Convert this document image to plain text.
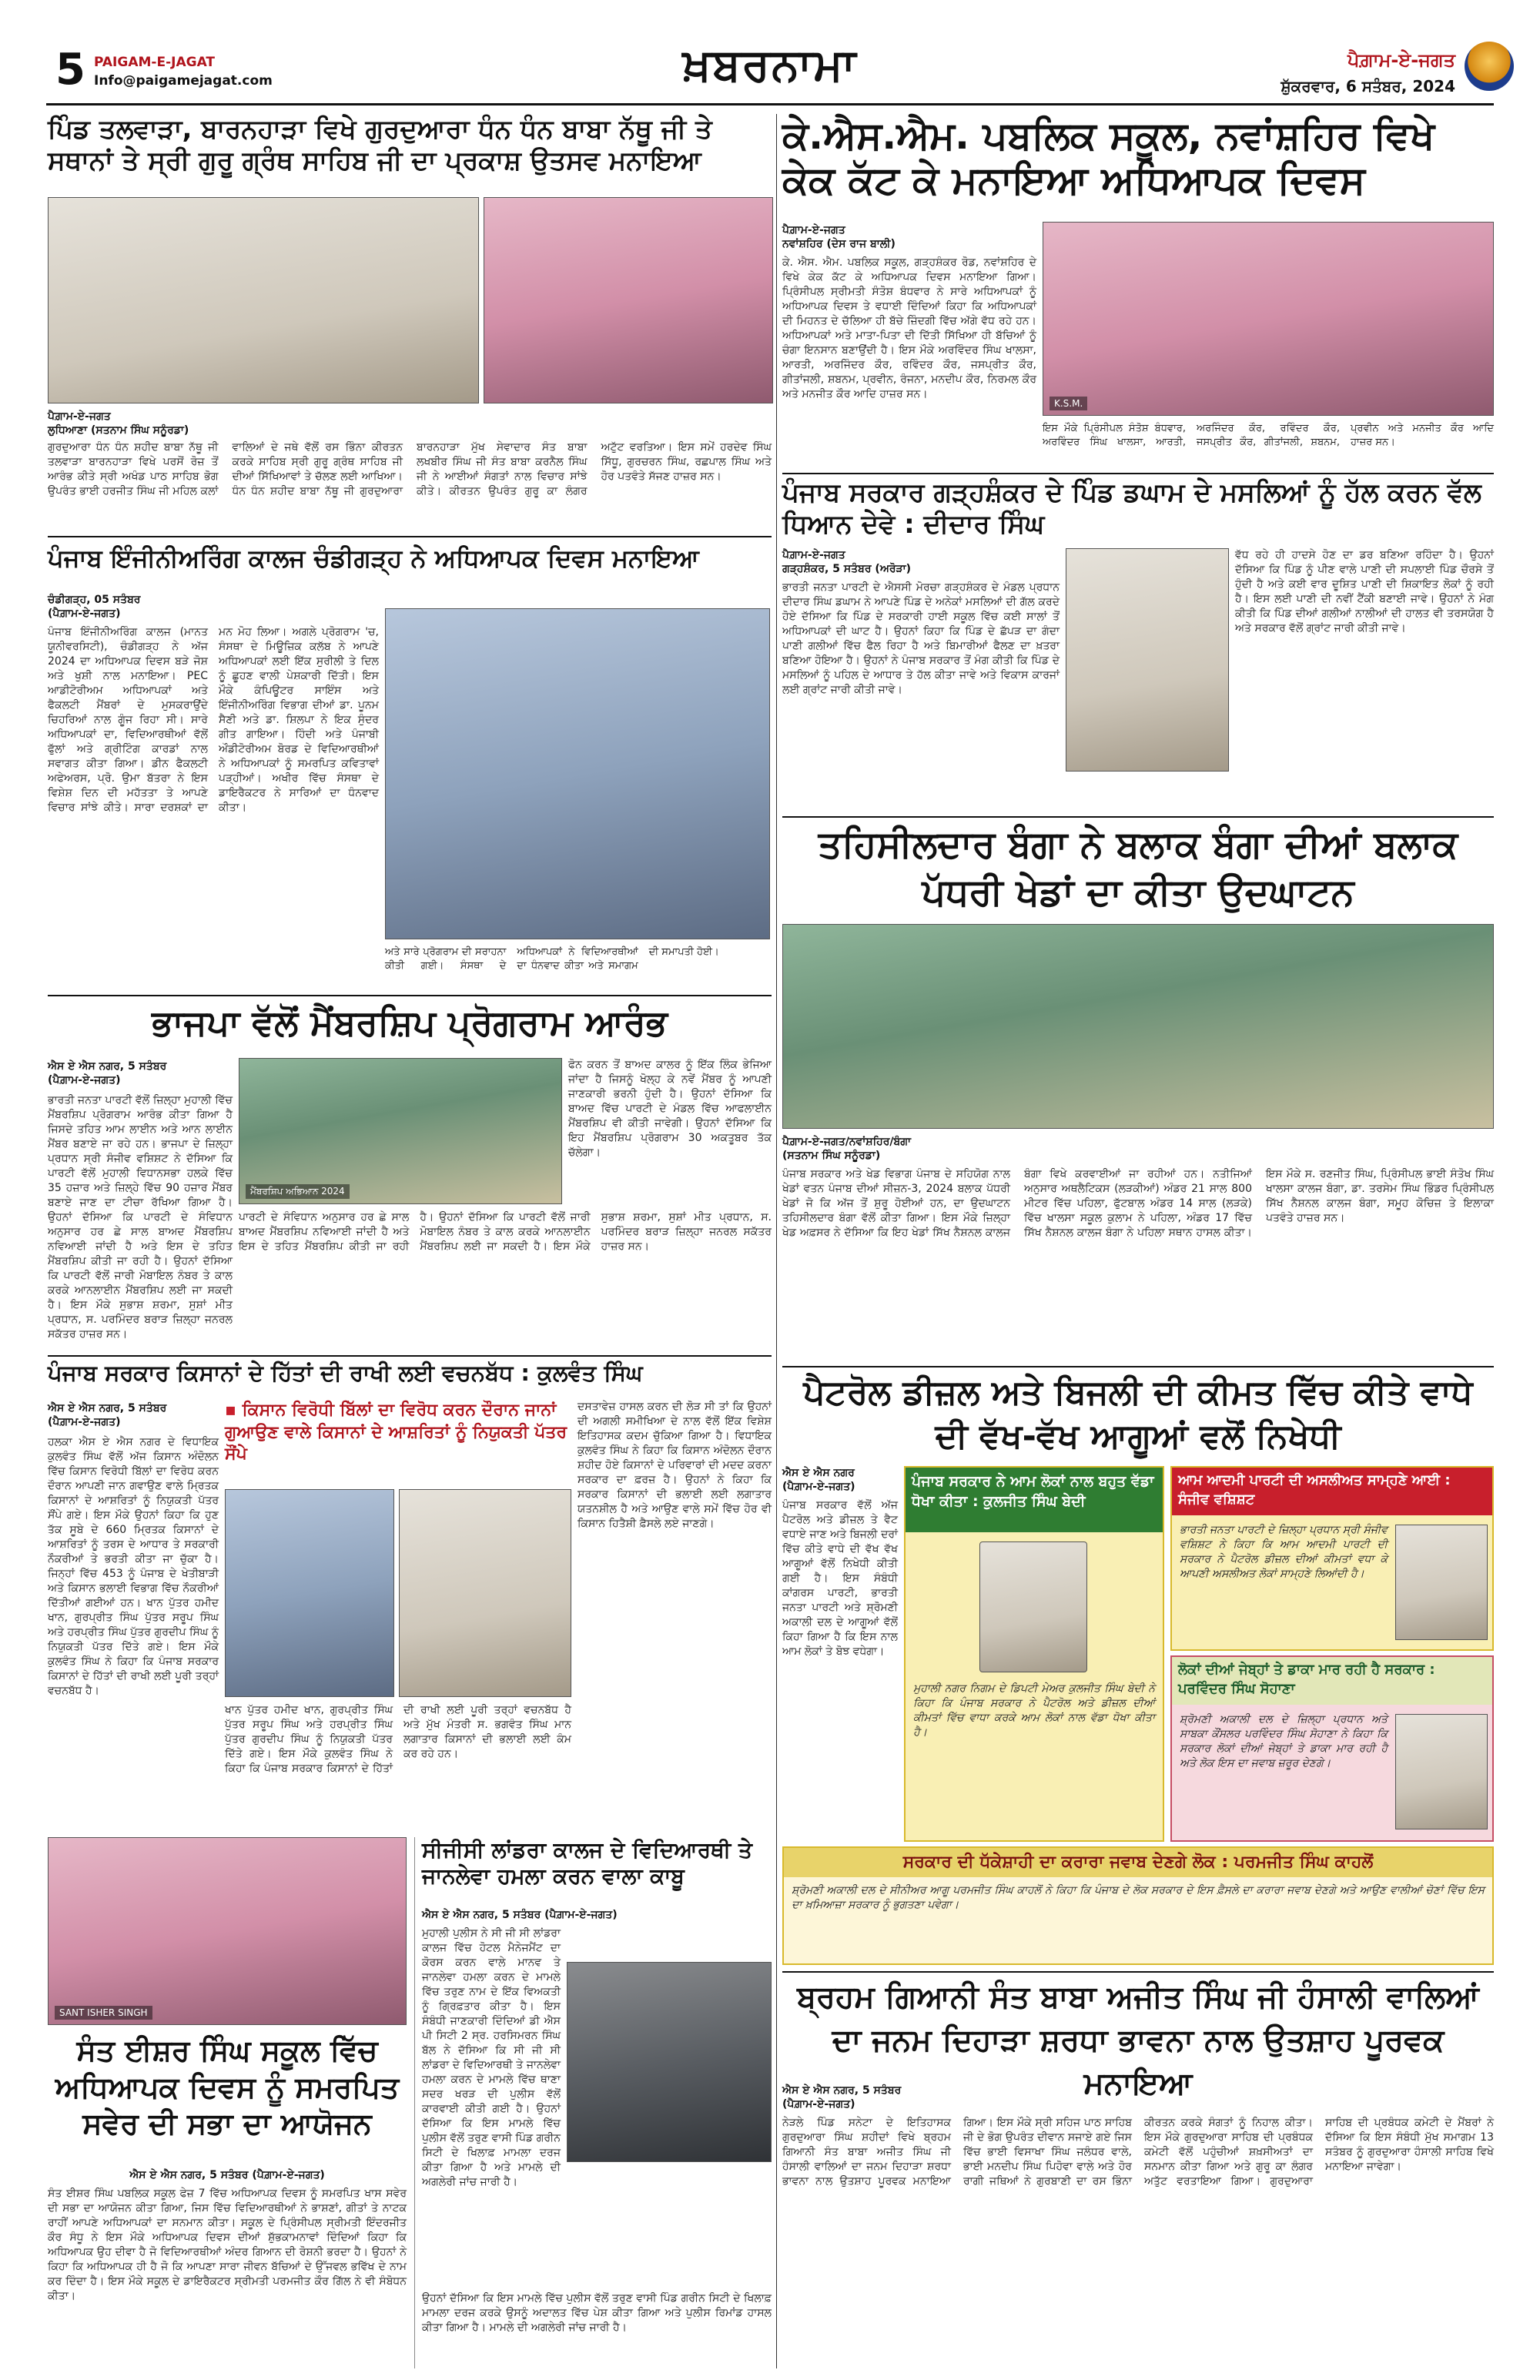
5 PAIGAM-E-JAGAT
Info@paigamejagat.com	ਖ਼ਬਰਨਾਮਾ	ਪੈਗ਼ਾਮ-ਏ-ਜਗਤ
ਸ਼ੁੱਕਰਵਾਰ, 6 ਸਤੰਬਰ, 2024
ਪਿੰਡ ਤਲਵਾੜਾ, ਬਾਰਨਹਾੜਾ ਵਿਖੇ ਗੁਰਦੁਆਰਾ ਧੰਨ ਧੰਨ ਬਾਬਾ ਨੱਥੂ ਜੀ ਤੇ ਸਥਾਨਾਂ ਤੇ ਸ੍ਰੀ ਗੁਰੂ ਗ੍ਰੰਥ ਸਾਹਿਬ ਜੀ ਦਾ ਪ੍ਰਕਾਸ਼ ਉਤਸਵ ਮਨਾਇਆ
ਪੈਗ਼ਾਮ-ਏ-ਜਗਤ
ਲੁਧਿਆਣਾ (ਸਤਨਾਮ ਸਿੰਘ ਸਨੂੰਰਡਾ)
ਗੁਰਦੁਆਰਾ ਧੰਨ ਧੰਨ ਸ਼ਹੀਦ ਬਾਬਾ ਨੱਥੂ ਜੀ ਤਲਵਾੜਾ ਬਾਰਨਹਾੜਾ ਵਿਖੇ ਪਰਸੋਂ ਰੋਜ਼ ਤੋਂ ਆਰੰਭ ਕੀਤੇ ਸ੍ਰੀ ਅਖੰਡ ਪਾਠ ਸਾਹਿਬ ਭੋਗ ਉਪਰੰਤ ਭਾਈ ਹਰਜੀਤ ਸਿੰਘ ਜੀ ਮਹਿਲ ਕਲਾਂ ਵਾਲਿਆਂ ਦੇ ਜਥੇ ਵੱਲੋਂ ਰਸ ਭਿੰਨਾ ਕੀਰਤਨ ਕਰਕੇ ਸਾਹਿਬ ਸ੍ਰੀ ਗੁਰੂ ਗ੍ਰੰਥ ਸਾਹਿਬ ਜੀ ਦੀਆਂ ਸਿੱਖਿਆਵਾਂ ਤੇ ਚੱਲਣ ਲਈ ਆਖਿਆ। ਧੰਨ ਧੰਨ ਸ਼ਹੀਦ ਬਾਬਾ ਨੱਥੂ ਜੀ ਗੁਰਦੁਆਰਾ ਬਾਰਨਹਾੜਾ ਮੁੱਖ ਸੇਵਾਦਾਰ ਸੰਤ ਬਾਬਾ ਲਖਬੀਰ ਸਿੰਘ ਜੀ ਸੰਤ ਬਾਬਾ ਕਰਨੈਲ ਸਿੰਘ ਜੀ ਨੇ ਆਈਆਂ ਸੰਗਤਾਂ ਨਾਲ ਵਿਚਾਰ ਸਾਂਝੇ ਕੀਤੇ। ਕੀਰਤਨ ਉਪਰੰਤ ਗੁਰੂ ਕਾ ਲੰਗਰ ਅਟੁੱਟ ਵਰਤਿਆ। ਇਸ ਸਮੇਂ ਹਰਦੇਵ ਸਿੰਘ ਸਿੱਧੂ, ਗੁਰਚਰਨ ਸਿੰਘ, ਰਛਪਾਲ ਸਿੰਘ ਅਤੇ ਹੋਰ ਪਤਵੰਤੇ ਸੱਜਣ ਹਾਜ਼ਰ ਸਨ।
ਪੰਜਾਬ ਇੰਜੀਨੀਅਰਿੰਗ ਕਾਲਜ ਚੰਡੀਗੜ੍ਹ ਨੇ ਅਧਿਆਪਕ ਦਿਵਸ ਮਨਾਇਆ
ਚੰਡੀਗੜ੍ਹ, 05 ਸਤੰਬਰ
(ਪੈਗ਼ਾਮ-ਏ-ਜਗਤ)
ਪੰਜਾਬ ਇੰਜੀਨੀਅਰਿੰਗ ਕਾਲਜ (ਮਾਨਤ ਯੂਨੀਵਰਸਿਟੀ), ਚੰਡੀਗੜ੍ਹ ਨੇ ਅੱਜ 2024 ਦਾ ਅਧਿਆਪਕ ਦਿਵਸ ਬੜੇ ਜੋਸ਼ ਅਤੇ ਖੁਸ਼ੀ ਨਾਲ ਮਨਾਇਆ। PEC ਆਡੀਟੋਰੀਅਮ ਅਧਿਆਪਕਾਂ ਅਤੇ ਫੈਕਲਟੀ ਮੈਂਬਰਾਂ ਦੇ ਮੁਸਕਰਾਉਂਦੇ ਚਿਹਰਿਆਂ ਨਾਲ ਗੂੰਜ ਰਿਹਾ ਸੀ। ਸਾਰੇ ਅਧਿਆਪਕਾਂ ਦਾ, ਵਿਦਿਆਰਥੀਆਂ ਵੱਲੋਂ ਫੁੱਲਾਂ ਅਤੇ ਗ੍ਰੀਟਿੰਗ ਕਾਰਡਾਂ ਨਾਲ ਸਵਾਗਤ ਕੀਤਾ ਗਿਆ। ਡੀਨ ਫੈਕਲਟੀ ਅਫੇਅਰਸ, ਪ੍ਰੋ. ਉਮਾ ਬੱਤਰਾ ਨੇ ਇਸ ਵਿਸ਼ੇਸ਼ ਦਿਨ ਦੀ ਮਹੱਤਤਾ ਤੇ ਆਪਣੇ ਵਿਚਾਰ ਸਾਂਝੇ ਕੀਤੇ। ਸਾਰਾ ਦਰਸ਼ਕਾਂ ਦਾ ਮਨ ਮੋਹ ਲਿਆ। ਅਗਲੇ ਪ੍ਰੋਗਰਾਮ 'ਚ, ਸੰਸਥਾ ਦੇ ਮਿਊਜ਼ਿਕ ਕਲੱਬ ਨੇ ਆਪਣੇ ਅਧਿਆਪਕਾਂ ਲਈ ਇੱਕ ਸੁਰੀਲੀ ਤੇ ਦਿਲ ਨੂੰ ਛੂਹਣ ਵਾਲੀ ਪੇਸ਼ਕਾਰੀ ਦਿੱਤੀ। ਇਸ ਮੌਕੇ ਕੰਪਿਊਟਰ ਸਾਇੰਸ ਅਤੇ ਇੰਜੀਨੀਅਰਿੰਗ ਵਿਭਾਗ ਦੀਆਂ ਡਾ. ਪੂਨਮ ਸੈਣੀ ਅਤੇ ਡਾ. ਸ਼ਿਲਪਾ ਨੇ ਇਕ ਸੁੰਦਰ ਗੀਤ ਗਾਇਆ। ਹਿੰਦੀ ਅਤੇ ਪੰਜਾਬੀ ਔਡੀਟੋਰੀਅਮ ਬੋਰਡ ਦੇ ਵਿਦਿਆਰਥੀਆਂ ਨੇ ਅਧਿਆਪਕਾਂ ਨੂੰ ਸਮਰਪਿਤ ਕਵਿਤਾਵਾਂ ਪੜ੍ਹੀਆਂ। ਅਖੀਰ ਵਿੱਚ ਸੰਸਥਾ ਦੇ ਡਾਇਰੈਕਟਰ ਨੇ ਸਾਰਿਆਂ ਦਾ ਧੰਨਵਾਦ ਕੀਤਾ।
ਅਤੇ ਸਾਰੇ ਪ੍ਰੋਗਰਾਮ ਦੀ ਸਰਾਹਨਾ ਕੀਤੀ ਗਈ। ਸੰਸਥਾ ਦੇ ਅਧਿਆਪਕਾਂ ਨੇ ਵਿਦਿਆਰਥੀਆਂ ਦਾ ਧੰਨਵਾਦ ਕੀਤਾ ਅਤੇ ਸਮਾਗਮ ਦੀ ਸਮਾਪਤੀ ਹੋਈ।
ਭਾਜਪਾ ਵੱਲੋਂ ਮੈਂਬਰਸ਼ਿਪ ਪ੍ਰੋਗਰਾਮ ਆਰੰਭ
ਐਸ ਏ ਐਸ ਨਗਰ, 5 ਸਤੰਬਰ
(ਪੈਗ਼ਾਮ-ਏ-ਜਗਤ)
ਮੈਂਬਰਸ਼ਿਪ ਅਭਿਆਨ 2024
ਭਾਰਤੀ ਜਨਤਾ ਪਾਰਟੀ ਵੱਲੋਂ ਜ਼ਿਲ੍ਹਾ ਮੁਹਾਲੀ ਵਿੱਚ ਮੈਂਬਰਸ਼ਿਪ ਪ੍ਰੋਗਰਾਮ ਆਰੰਭ ਕੀਤਾ ਗਿਆ ਹੈ ਜਿਸਦੇ ਤਹਿਤ ਆਮ ਲਾਈਨ ਅਤੇ ਆਨ ਲਾਈਨ ਮੈਂਬਰ ਬਣਾਏ ਜਾ ਰਹੇ ਹਨ। ਭਾਜਪਾ ਦੇ ਜ਼ਿਲ੍ਹਾ ਪ੍ਰਧਾਨ ਸ੍ਰੀ ਸੰਜੀਵ ਵਸ਼ਿਸ਼ਟ ਨੇ ਦੱਸਿਆ ਕਿ ਪਾਰਟੀ ਵੱਲੋਂ ਮੁਹਾਲੀ ਵਿਧਾਨਸਭਾ ਹਲਕੇ ਵਿੱਚ 35 ਹਜ਼ਾਰ ਅਤੇ ਜ਼ਿਲ੍ਹੇ ਵਿੱਚ 90 ਹਜ਼ਾਰ ਮੈਂਬਰ ਬਣਾਏ ਜਾਣ ਦਾ ਟੀਚਾ ਰੱਖਿਆ ਗਿਆ ਹੈ। ਉਹਨਾਂ ਦੱਸਿਆ ਕਿ ਪਾਰਟੀ ਦੇ ਸੰਵਿਧਾਨ ਅਨੁਸਾਰ ਹਰ ਛੇ ਸਾਲ ਬਾਅਦ ਮੈਂਬਰਸ਼ਿਪ ਨਵਿਆਈ ਜਾਂਦੀ ਹੈ ਅਤੇ ਇਸ ਦੇ ਤਹਿਤ ਮੈਂਬਰਸ਼ਿਪ ਕੀਤੀ ਜਾ ਰਹੀ ਹੈ। ਉਹਨਾਂ ਦੱਸਿਆ ਕਿ ਪਾਰਟੀ ਵੱਲੋਂ ਜਾਰੀ ਮੋਬਾਇਲ ਨੰਬਰ ਤੇ ਕਾਲ ਕਰਕੇ ਆਨਲਾਈਨ ਮੈਂਬਰਸ਼ਿਪ ਲਈ ਜਾ ਸਕਦੀ ਹੈ। ਇਸ ਮੌਕੇ ਸੁਭਾਸ਼ ਸ਼ਰਮਾ, ਸੁਸ਼ਾਂ ਮੀਤ ਪ੍ਰਧਾਨ, ਸ. ਪਰਮਿੰਦਰ ਬਰਾੜ ਜ਼ਿਲ੍ਹਾ ਜਨਰਲ ਸਕੱਤਰ ਹਾਜ਼ਰ ਸਨ।
ਫੋਨ ਕਰਨ ਤੋਂ ਬਾਅਦ ਕਾਲਰ ਨੂੰ ਇੱਕ ਲਿੰਕ ਭੇਜਿਆ ਜਾਂਦਾ ਹੈ ਜਿਸਨੂੰ ਖੋਲ੍ਹ ਕੇ ਨਵੇਂ ਮੈਂਬਰ ਨੂੰ ਆਪਣੀ ਜਾਣਕਾਰੀ ਭਰਨੀ ਹੁੰਦੀ ਹੈ। ਉਹਨਾਂ ਦੱਸਿਆ ਕਿ ਬਾਅਦ ਵਿੱਚ ਪਾਰਟੀ ਦੇ ਮੰਡਲ ਵਿੱਚ ਆਫਲਾਈਨ ਮੈਂਬਰਸ਼ਿਪ ਵੀ ਕੀਤੀ ਜਾਵੇਗੀ। ਉਹਨਾਂ ਦੱਸਿਆ ਕਿ ਇਹ ਮੈਂਬਰਸ਼ਿਪ ਪ੍ਰੋਗਰਾਮ 30 ਅਕਤੂਬਰ ਤੱਕ ਚੱਲੇਗਾ।
ਪਾਰਟੀ ਦੇ ਸੰਵਿਧਾਨ ਅਨੁਸਾਰ ਹਰ ਛੇ ਸਾਲ ਬਾਅਦ ਮੈਂਬਰਸ਼ਿਪ ਨਵਿਆਈ ਜਾਂਦੀ ਹੈ ਅਤੇ ਇਸ ਦੇ ਤਹਿਤ ਮੈਂਬਰਸ਼ਿਪ ਕੀਤੀ ਜਾ ਰਹੀ ਹੈ। ਉਹਨਾਂ ਦੱਸਿਆ ਕਿ ਪਾਰਟੀ ਵੱਲੋਂ ਜਾਰੀ ਮੋਬਾਇਲ ਨੰਬਰ ਤੇ ਕਾਲ ਕਰਕੇ ਆਨਲਾਈਨ ਮੈਂਬਰਸ਼ਿਪ ਲਈ ਜਾ ਸਕਦੀ ਹੈ। ਇਸ ਮੌਕੇ ਸੁਭਾਸ਼ ਸ਼ਰਮਾ, ਸੁਸ਼ਾਂ ਮੀਤ ਪ੍ਰਧਾਨ, ਸ. ਪਰਮਿੰਦਰ ਬਰਾੜ ਜ਼ਿਲ੍ਹਾ ਜਨਰਲ ਸਕੱਤਰ ਹਾਜ਼ਰ ਸਨ।
ਪੰਜਾਬ ਸਰਕਾਰ ਕਿਸਾਨਾਂ ਦੇ ਹਿੱਤਾਂ ਦੀ ਰਾਖੀ ਲਈ ਵਚਨਬੱਧ : ਕੁਲਵੰਤ ਸਿੰਘ
ਐਸ ਏ ਐਸ ਨਗਰ, 5 ਸਤੰਬਰ
(ਪੈਗ਼ਾਮ-ਏ-ਜਗਤ)
▪ ਕਿਸਾਨ ਵਿਰੋਧੀ ਬਿੱਲਾਂ ਦਾ ਵਿਰੋਧ ਕਰਨ ਦੌਰਾਨ ਜਾਨਾਂ ਗੁਆਉਣ ਵਾਲੇ ਕਿਸਾਨਾਂ ਦੇ ਆਸ਼ਰਿਤਾਂ ਨੂੰ ਨਿਯੁਕਤੀ ਪੱਤਰ ਸੌਂਪੇ
ਹਲਕਾ ਐਸ ਏ ਐਸ ਨਗਰ ਦੇ ਵਿਧਾਇਕ ਕੁਲਵੰਤ ਸਿੰਘ ਵੱਲੋਂ ਅੱਜ ਕਿਸਾਨ ਅੰਦੋਲਨ ਵਿੱਚ ਕਿਸਾਨ ਵਿਰੋਧੀ ਬਿੱਲਾਂ ਦਾ ਵਿਰੋਧ ਕਰਨ ਦੌਰਾਨ ਆਪਣੀ ਜਾਨ ਗਵਾਉਣ ਵਾਲੇ ਮ੍ਰਿਤਕ ਕਿਸਾਨਾਂ ਦੇ ਆਸ਼ਰਿਤਾਂ ਨੂੰ ਨਿਯੁਕਤੀ ਪੱਤਰ ਸੌਂਪੇ ਗਏ। ਇਸ ਮੌਕੇ ਉਹਨਾਂ ਕਿਹਾ ਕਿ ਹੁਣ ਤੱਕ ਸੂਬੇ ਦੇ 660 ਮ੍ਰਿਤਕ ਕਿਸਾਨਾਂ ਦੇ ਆਸ਼ਰਿਤਾਂ ਨੂੰ ਤਰਸ ਦੇ ਆਧਾਰ ਤੇ ਸਰਕਾਰੀ ਨੌਕਰੀਆਂ ਤੇ ਭਰਤੀ ਕੀਤਾ ਜਾ ਚੁੱਕਾ ਹੈ। ਜਿਨ੍ਹਾਂ ਵਿੱਚ 453 ਨੂੰ ਪੰਜਾਬ ਦੇ ਖੇਤੀਬਾੜੀ ਅਤੇ ਕਿਸਾਨ ਭਲਾਈ ਵਿਭਾਗ ਵਿੱਚ ਨੌਕਰੀਆਂ ਦਿੱਤੀਆਂ ਗਈਆਂ ਹਨ। ਖਾਨ ਪੁੱਤਰ ਹਮੀਦ ਖਾਨ, ਗੁਰਪ੍ਰੀਤ ਸਿੰਘ ਪੁੱਤਰ ਸਰੂਪ ਸਿੰਘ ਅਤੇ ਹਰਪ੍ਰੀਤ ਸਿੰਘ ਪੁੱਤਰ ਗੁਰਦੀਪ ਸਿੰਘ ਨੂੰ ਨਿਯੁਕਤੀ ਪੱਤਰ ਦਿੱਤੇ ਗਏ। ਇਸ ਮੌਕੇ ਕੁਲਵੰਤ ਸਿੰਘ ਨੇ ਕਿਹਾ ਕਿ ਪੰਜਾਬ ਸਰਕਾਰ ਕਿਸਾਨਾਂ ਦੇ ਹਿੱਤਾਂ ਦੀ ਰਾਖੀ ਲਈ ਪੂਰੀ ਤਰ੍ਹਾਂ ਵਚਨਬੱਧ ਹੈ।
ਦਸਤਾਵੇਜ਼ ਹਾਸਲ ਕਰਨ ਦੀ ਲੋੜ ਸੀ ਤਾਂ ਕਿ ਉਹਨਾਂ ਦੀ ਅਗਲੀ ਸਮੀਖਿਆ ਦੇ ਨਾਲ ਵੱਲੋਂ ਇੱਕ ਵਿਸ਼ੇਸ਼ ਇਤਿਹਾਸਕ ਕਦਮ ਚੁੱਕਿਆ ਗਿਆ ਹੈ। ਵਿਧਾਇਕ ਕੁਲਵੰਤ ਸਿੰਘ ਨੇ ਕਿਹਾ ਕਿ ਕਿਸਾਨ ਅੰਦੋਲਨ ਦੌਰਾਨ ਸ਼ਹੀਦ ਹੋਏ ਕਿਸਾਨਾਂ ਦੇ ਪਰਿਵਾਰਾਂ ਦੀ ਮਦਦ ਕਰਨਾ ਸਰਕਾਰ ਦਾ ਫ਼ਰਜ਼ ਹੈ। ਉਹਨਾਂ ਨੇ ਕਿਹਾ ਕਿ ਸਰਕਾਰ ਕਿਸਾਨਾਂ ਦੀ ਭਲਾਈ ਲਈ ਲਗਾਤਾਰ ਯਤਨਸ਼ੀਲ ਹੈ ਅਤੇ ਆਉਣ ਵਾਲੇ ਸਮੇਂ ਵਿੱਚ ਹੋਰ ਵੀ ਕਿਸਾਨ ਹਿਤੈਸ਼ੀ ਫ਼ੈਸਲੇ ਲਏ ਜਾਣਗੇ।
ਖਾਨ ਪੁੱਤਰ ਹਮੀਦ ਖਾਨ, ਗੁਰਪ੍ਰੀਤ ਸਿੰਘ ਪੁੱਤਰ ਸਰੂਪ ਸਿੰਘ ਅਤੇ ਹਰਪ੍ਰੀਤ ਸਿੰਘ ਪੁੱਤਰ ਗੁਰਦੀਪ ਸਿੰਘ ਨੂੰ ਨਿਯੁਕਤੀ ਪੱਤਰ ਦਿੱਤੇ ਗਏ। ਇਸ ਮੌਕੇ ਕੁਲਵੰਤ ਸਿੰਘ ਨੇ ਕਿਹਾ ਕਿ ਪੰਜਾਬ ਸਰਕਾਰ ਕਿਸਾਨਾਂ ਦੇ ਹਿੱਤਾਂ ਦੀ ਰਾਖੀ ਲਈ ਪੂਰੀ ਤਰ੍ਹਾਂ ਵਚਨਬੱਧ ਹੈ ਅਤੇ ਮੁੱਖ ਮੰਤਰੀ ਸ. ਭਗਵੰਤ ਸਿੰਘ ਮਾਨ ਲਗਾਤਾਰ ਕਿਸਾਨਾਂ ਦੀ ਭਲਾਈ ਲਈ ਕੰਮ ਕਰ ਰਹੇ ਹਨ।
SANT ISHER SINGH
ਸੰਤ ਈਸ਼ਰ ਸਿੰਘ ਸਕੂਲ ਵਿੱਚ ਅਧਿਆਪਕ ਦਿਵਸ ਨੂੰ ਸਮਰਪਿਤ ਸਵੇਰ ਦੀ ਸਭਾ ਦਾ ਆਯੋਜਨ
ਐਸ ਏ ਐਸ ਨਗਰ, 5 ਸਤੰਬਰ (ਪੈਗ਼ਾਮ-ਏ-ਜਗਤ)
ਸੰਤ ਈਸ਼ਰ ਸਿੰਘ ਪਬਲਿਕ ਸਕੂਲ ਫੇਜ਼ 7 ਵਿੱਚ ਅਧਿਆਪਕ ਦਿਵਸ ਨੂੰ ਸਮਰਪਿਤ ਖਾਸ ਸਵੇਰ ਦੀ ਸਭਾ ਦਾ ਆਯੋਜਨ ਕੀਤਾ ਗਿਆ, ਜਿਸ ਵਿੱਚ ਵਿਦਿਆਰਥੀਆਂ ਨੇ ਭਾਸ਼ਣਾਂ, ਗੀਤਾਂ ਤੇ ਨਾਟਕ ਰਾਹੀਂ ਆਪਣੇ ਅਧਿਆਪਕਾਂ ਦਾ ਸਨਮਾਨ ਕੀਤਾ। ਸਕੂਲ ਦੇ ਪ੍ਰਿੰਸੀਪਲ ਸ੍ਰੀਮਤੀ ਇੰਦਰਜੀਤ ਕੌਰ ਸੰਧੂ ਨੇ ਇਸ ਮੌਕੇ ਅਧਿਆਪਕ ਦਿਵਸ ਦੀਆਂ ਸ਼ੁੱਭਕਾਮਨਾਵਾਂ ਦਿੰਦਿਆਂ ਕਿਹਾ ਕਿ ਅਧਿਆਪਕ ਉਹ ਦੀਵਾ ਹੈ ਜੋ ਵਿਦਿਆਰਥੀਆਂ ਅੰਦਰ ਗਿਆਨ ਦੀ ਰੋਸ਼ਨੀ ਭਰਦਾ ਹੈ। ਉਹਨਾਂ ਨੇ ਕਿਹਾ ਕਿ ਅਧਿਆਪਕ ਹੀ ਹੈ ਜੋ ਕਿ ਆਪਣਾ ਸਾਰਾ ਜੀਵਨ ਬੱਚਿਆਂ ਦੇ ਉੱਜਵਲ ਭਵਿੱਖ ਦੇ ਨਾਮ ਕਰ ਦਿੰਦਾ ਹੈ। ਇਸ ਮੌਕੇ ਸਕੂਲ ਦੇ ਡਾਇਰੈਕਟਰ ਸ੍ਰੀਮਤੀ ਪਰਮਜੀਤ ਕੌਰ ਗਿੱਲ ਨੇ ਵੀ ਸੰਬੋਧਨ ਕੀਤਾ।
ਸੀਜੀਸੀ ਲਾਂਡਰਾ ਕਾਲਜ ਦੇ ਵਿਦਿਆਰਥੀ ਤੇ ਜਾਨਲੇਵਾ ਹਮਲਾ ਕਰਨ ਵਾਲਾ ਕਾਬੂ
ਐਸ ਏ ਐਸ ਨਗਰ, 5 ਸਤੰਬਰ (ਪੈਗ਼ਾਮ-ਏ-ਜਗਤ)
ਮੁਹਾਲੀ ਪੁਲੀਸ ਨੇ ਸੀ ਜੀ ਸੀ ਲਾਂਡਰਾ ਕਾਲਜ ਵਿੱਚ ਹੋਟਲ ਮੈਨੇਜਮੈਂਟ ਦਾ ਕੋਰਸ ਕਰਨ ਵਾਲੇ ਮਾਨਵ ਤੇ ਜਾਨਲੇਵਾ ਹਮਲਾ ਕਰਨ ਦੇ ਮਾਮਲੇ ਵਿੱਚ ਤਰੁਣ ਨਾਮ ਦੇ ਇੱਕ ਵਿਅਕਤੀ ਨੂੰ ਗ੍ਰਿਫ਼ਤਾਰ ਕੀਤਾ ਹੈ। ਇਸ ਸੰਬੰਧੀ ਜਾਣਕਾਰੀ ਦਿੰਦਿਆਂ ਡੀ ਐਸ ਪੀ ਸਿਟੀ 2 ਸ੍ਰ. ਹਰਸਿਮਰਨ ਸਿੰਘ ਬੱਲ ਨੇ ਦੱਸਿਆ ਕਿ ਸੀ ਜੀ ਸੀ ਲਾਂਡਰਾ ਦੇ ਵਿਦਿਆਰਥੀ ਤੇ ਜਾਨਲੇਵਾ ਹਮਲਾ ਕਰਨ ਦੇ ਮਾਮਲੇ ਵਿੱਚ ਥਾਣਾ ਸਦਰ ਖਰੜ ਦੀ ਪੁਲੀਸ ਵੱਲੋਂ ਕਾਰਵਾਈ ਕੀਤੀ ਗਈ ਹੈ। ਉਹਨਾਂ ਦੱਸਿਆ ਕਿ ਇਸ ਮਾਮਲੇ ਵਿੱਚ ਪੁਲੀਸ ਵੱਲੋਂ ਤਰੁਣ ਵਾਸੀ ਪਿੰਡ ਗਰੀਨ ਸਿਟੀ ਦੇ ਖਿਲਾਫ਼ ਮਾਮਲਾ ਦਰਜ ਕੀਤਾ ਗਿਆ ਹੈ ਅਤੇ ਮਾਮਲੇ ਦੀ ਅਗਲੇਰੀ ਜਾਂਚ ਜਾਰੀ ਹੈ।
ਉਹਨਾਂ ਦੱਸਿਆ ਕਿ ਇਸ ਮਾਮਲੇ ਵਿੱਚ ਪੁਲੀਸ ਵੱਲੋਂ ਤਰੁਣ ਵਾਸੀ ਪਿੰਡ ਗਰੀਨ ਸਿਟੀ ਦੇ ਖਿਲਾਫ਼ ਮਾਮਲਾ ਦਰਜ ਕਰਕੇ ਉਸਨੂੰ ਅਦਾਲਤ ਵਿੱਚ ਪੇਸ਼ ਕੀਤਾ ਗਿਆ ਅਤੇ ਪੁਲੀਸ ਰਿਮਾਂਡ ਹਾਸਲ ਕੀਤਾ ਗਿਆ ਹੈ। ਮਾਮਲੇ ਦੀ ਅਗਲੇਰੀ ਜਾਂਚ ਜਾਰੀ ਹੈ।
ਕੇ.ਐਸ.ਐਮ. ਪਬਲਿਕ ਸਕੂਲ, ਨਵਾਂਸ਼ਹਿਰ ਵਿਖੇ ਕੇਕ ਕੱਟ ਕੇ ਮਨਾਇਆ ਅਧਿਆਪਕ ਦਿਵਸ
ਪੈਗ਼ਾਮ-ਏ-ਜਗਤ
ਨਵਾਂਸ਼ਹਿਰ (ਦੇਸ ਰਾਜ ਬਾਲੀ)
ਕੇ. ਐਸ. ਐਮ. ਪਬਲਿਕ ਸਕੂਲ, ਗੜ੍ਹਸ਼ੰਕਰ ਰੋਡ, ਨਵਾਂਸ਼ਹਿਰ ਦੇ ਵਿਖੇ ਕੇਕ ਕੱਟ ਕੇ ਅਧਿਆਪਕ ਦਿਵਸ ਮਨਾਇਆ ਗਿਆ। ਪ੍ਰਿੰਸੀਪਲ ਸ੍ਰੀਮਤੀ ਸੰਤੋਸ਼ ਬੰਧਵਾਰ ਨੇ ਸਾਰੇ ਅਧਿਆਪਕਾਂ ਨੂੰ ਅਧਿਆਪਕ ਦਿਵਸ ਤੇ ਵਧਾਈ ਦਿੰਦਿਆਂ ਕਿਹਾ ਕਿ ਅਧਿਆਪਕਾਂ ਦੀ ਮਿਹਨਤ ਦੇ ਚੱਲਿਆ ਹੀ ਬੱਚੇ ਜ਼ਿੰਦਗੀ ਵਿੱਚ ਅੱਗੇ ਵੱਧ ਰਹੇ ਹਨ। ਅਧਿਆਪਕਾਂ ਅਤੇ ਮਾਤਾ-ਪਿਤਾ ਦੀ ਦਿੱਤੀ ਸਿੱਖਿਆ ਹੀ ਬੱਚਿਆਂ ਨੂੰ ਚੰਗਾ ਇਨਸਾਨ ਬਣਾਉਂਦੀ ਹੈ। ਇਸ ਮੌਕੇ ਅਰਵਿੰਦਰ ਸਿੰਘ ਖਾਲਸਾ, ਆਰਤੀ, ਅਰਜਿੰਦਰ ਕੌਰ, ਰਵਿੰਦਰ ਕੌਰ, ਜਸਪ੍ਰੀਤ ਕੌਰ, ਗੀਤਾਂਜਲੀ, ਸ਼ਬਨਮ, ਪ੍ਰਵੀਨ, ਰੰਜਨਾ, ਮਨਦੀਪ ਕੌਰ, ਨਿਰਮਲ ਕੌਰ ਅਤੇ ਮਨਜੀਤ ਕੌਰ ਆਦਿ ਹਾਜ਼ਰ ਸਨ।
K.S.M.
ਇਸ ਮੌਕੇ ਪ੍ਰਿੰਸੀਪਲ ਸੰਤੋਸ਼ ਬੰਧਵਾਰ, ਅਰਵਿੰਦਰ ਸਿੰਘ ਖਾਲਸਾ, ਆਰਤੀ, ਅਰਜਿੰਦਰ ਕੌਰ, ਰਵਿੰਦਰ ਕੌਰ, ਜਸਪ੍ਰੀਤ ਕੌਰ, ਗੀਤਾਂਜਲੀ, ਸ਼ਬਨਮ, ਪ੍ਰਵੀਨ ਅਤੇ ਮਨਜੀਤ ਕੌਰ ਆਦਿ ਹਾਜ਼ਰ ਸਨ।
ਪੰਜਾਬ ਸਰਕਾਰ ਗੜ੍ਹਸ਼ੰਕਰ ਦੇ ਪਿੰਡ ਡਘਾਮ ਦੇ ਮਸਲਿਆਂ ਨੂੰ ਹੱਲ ਕਰਨ ਵੱਲ ਧਿਆਨ ਦੇਵੇ : ਦੀਦਾਰ ਸਿੰਘ
ਪੈਗ਼ਾਮ-ਏ-ਜਗਤ
ਗੜ੍ਹਸ਼ੰਕਰ, 5 ਸਤੰਬਰ (ਅਰੋੜਾ)
ਭਾਰਤੀ ਜਨਤਾ ਪਾਰਟੀ ਦੇ ਐਸਸੀ ਮੋਰਚਾ ਗੜ੍ਹਸ਼ੰਕਰ ਦੇ ਮੰਡਲ ਪ੍ਰਧਾਨ ਦੀਦਾਰ ਸਿੰਘ ਡਘਾਮ ਨੇ ਆਪਣੇ ਪਿੰਡ ਦੇ ਅਨੇਕਾਂ ਮਸਲਿਆਂ ਦੀ ਗੱਲ ਕਰਦੇ ਹੋਏ ਦੱਸਿਆ ਕਿ ਪਿੰਡ ਦੇ ਸਰਕਾਰੀ ਹਾਈ ਸਕੂਲ ਵਿੱਚ ਕਈ ਸਾਲਾਂ ਤੋਂ ਅਧਿਆਪਕਾਂ ਦੀ ਘਾਟ ਹੈ। ਉਹਨਾਂ ਕਿਹਾ ਕਿ ਪਿੰਡ ਦੇ ਛੱਪੜ ਦਾ ਗੰਦਾ ਪਾਣੀ ਗਲੀਆਂ ਵਿੱਚ ਫੈਲ ਰਿਹਾ ਹੈ ਅਤੇ ਬਿਮਾਰੀਆਂ ਫੈਲਣ ਦਾ ਖ਼ਤਰਾ ਬਣਿਆ ਹੋਇਆ ਹੈ। ਉਹਨਾਂ ਨੇ ਪੰਜਾਬ ਸਰਕਾਰ ਤੋਂ ਮੰਗ ਕੀਤੀ ਕਿ ਪਿੰਡ ਦੇ ਮਸਲਿਆਂ ਨੂੰ ਪਹਿਲ ਦੇ ਆਧਾਰ ਤੇ ਹੱਲ ਕੀਤਾ ਜਾਵੇ ਅਤੇ ਵਿਕਾਸ ਕਾਰਜਾਂ ਲਈ ਗ੍ਰਾਂਟ ਜਾਰੀ ਕੀਤੀ ਜਾਵੇ।
ਵੱਧ ਰਹੇ ਹੀ ਹਾਦਸੇ ਹੋਣ ਦਾ ਡਰ ਬਣਿਆ ਰਹਿੰਦਾ ਹੈ। ਉਹਨਾਂ ਦੱਸਿਆ ਕਿ ਪਿੰਡ ਨੂੰ ਪੀਣ ਵਾਲੇ ਪਾਣੀ ਦੀ ਸਪਲਾਈ ਪਿੰਡ ਚੌਰਸੇ ਤੋਂ ਹੁੰਦੀ ਹੈ ਅਤੇ ਕਈ ਵਾਰ ਦੂਸ਼ਿਤ ਪਾਣੀ ਦੀ ਸ਼ਿਕਾਇਤ ਲੋਕਾਂ ਨੂੰ ਰਹੀ ਹੈ। ਇਸ ਲਈ ਪਾਣੀ ਦੀ ਨਵੀਂ ਟੈਂਕੀ ਬਣਾਈ ਜਾਵੇ। ਉਹਨਾਂ ਨੇ ਮੰਗ ਕੀਤੀ ਕਿ ਪਿੰਡ ਦੀਆਂ ਗਲੀਆਂ ਨਾਲੀਆਂ ਦੀ ਹਾਲਤ ਵੀ ਤਰਸਯੋਗ ਹੈ ਅਤੇ ਸਰਕਾਰ ਵੱਲੋਂ ਗ੍ਰਾਂਟ ਜਾਰੀ ਕੀਤੀ ਜਾਵੇ।
ਤਹਿਸੀਲਦਾਰ ਬੰਗਾ ਨੇ ਬਲਾਕ ਬੰਗਾ ਦੀਆਂ ਬਲਾਕ ਪੱਧਰੀ ਖੇਡਾਂ ਦਾ ਕੀਤਾ ਉਦਘਾਟਨ
ਪੈਗ਼ਾਮ-ਏ-ਜਗਤ/ਨਵਾਂਸ਼ਹਿਰ/ਬੰਗਾ
(ਸਤਨਾਮ ਸਿੰਘ ਸਨੂੰਰਡਾ)
ਪੰਜਾਬ ਸਰਕਾਰ ਅਤੇ ਖੇਡ ਵਿਭਾਗ ਪੰਜਾਬ ਦੇ ਸਹਿਯੋਗ ਨਾਲ ਖੇਡਾਂ ਵਤਨ ਪੰਜਾਬ ਦੀਆਂ ਸੀਜ਼ਨ-3, 2024 ਬਲਾਕ ਪੱਧਰੀ ਖੇਡਾਂ ਜੋ ਕਿ ਅੱਜ ਤੋਂ ਸ਼ੁਰੂ ਹੋਈਆਂ ਹਨ, ਦਾ ਉਦਘਾਟਨ ਤਹਿਸੀਲਦਾਰ ਬੰਗਾ ਵੱਲੋਂ ਕੀਤਾ ਗਿਆ। ਇਸ ਮੌਕੇ ਜ਼ਿਲ੍ਹਾ ਖੇਡ ਅਫ਼ਸਰ ਨੇ ਦੱਸਿਆ ਕਿ ਇਹ ਖੇਡਾਂ ਸਿੱਖ ਨੈਸ਼ਨਲ ਕਾਲਜ ਬੰਗਾ ਵਿਖੇ ਕਰਵਾਈਆਂ ਜਾ ਰਹੀਆਂ ਹਨ। ਨਤੀਜਿਆਂ ਅਨੁਸਾਰ ਅਥਲੈਟਿਕਸ (ਲੜਕੀਆਂ) ਅੰਡਰ 21 ਸਾਲ 800 ਮੀਟਰ ਵਿੱਚ ਪਹਿਲਾ, ਫੁੱਟਬਾਲ ਅੰਡਰ 14 ਸਾਲ (ਲੜਕੇ) ਵਿੱਚ ਖਾਲਸਾ ਸਕੂਲ ਕੁਲਾਮ ਨੇ ਪਹਿਲਾ, ਅੰਡਰ 17 ਵਿੱਚ ਸਿੱਖ ਨੈਸ਼ਨਲ ਕਾਲਜ ਬੰਗਾ ਨੇ ਪਹਿਲਾ ਸਥਾਨ ਹਾਸਲ ਕੀਤਾ। ਇਸ ਮੌਕੇ ਸ. ਰਣਜੀਤ ਸਿੰਘ, ਪ੍ਰਿੰਸੀਪਲ ਭਾਈ ਸੰਤੋਖ ਸਿੰਘ ਖਾਲਸਾ ਕਾਲਜ ਬੰਗਾ, ਡਾ. ਤਰਸੇਮ ਸਿੰਘ ਭਿੰਡਰ ਪ੍ਰਿੰਸੀਪਲ ਸਿੱਖ ਨੈਸ਼ਨਲ ਕਾਲਜ ਬੰਗਾ, ਸਮੂਹ ਕੋਚਿਜ਼ ਤੇ ਇਲਾਕਾ ਪਤਵੰਤੇ ਹਾਜ਼ਰ ਸਨ।
ਪੈਟਰੋਲ ਡੀਜ਼ਲ ਅਤੇ ਬਿਜਲੀ ਦੀ ਕੀਮਤ ਵਿੱਚ ਕੀਤੇ ਵਾਧੇ ਦੀ ਵੱਖ-ਵੱਖ ਆਗੂਆਂ ਵਲੋਂ ਨਿਖੇਧੀ
ਐਸ ਏ ਐਸ ਨਗਰ
(ਪੈਗ਼ਾਮ-ਏ-ਜਗਤ)
ਪੰਜਾਬ ਸਰਕਾਰ ਵੱਲੋਂ ਅੱਜ ਪੈਟਰੋਲ ਅਤੇ ਡੀਜ਼ਲ ਤੇ ਵੈਟ ਵਧਾਏ ਜਾਣ ਅਤੇ ਬਿਜਲੀ ਦਰਾਂ ਵਿੱਚ ਕੀਤੇ ਵਾਧੇ ਦੀ ਵੱਖ ਵੱਖ ਆਗੂਆਂ ਵੱਲੋਂ ਨਿਖੇਧੀ ਕੀਤੀ ਗਈ ਹੈ। ਇਸ ਸੰਬੰਧੀ ਕਾਂਗਰਸ ਪਾਰਟੀ, ਭਾਰਤੀ ਜਨਤਾ ਪਾਰਟੀ ਅਤੇ ਸ਼੍ਰੋਮਣੀ ਅਕਾਲੀ ਦਲ ਦੇ ਆਗੂਆਂ ਵੱਲੋਂ ਕਿਹਾ ਗਿਆ ਹੈ ਕਿ ਇਸ ਨਾਲ ਆਮ ਲੋਕਾਂ ਤੇ ਬੋਝ ਵਧੇਗਾ।
ਪੰਜਾਬ ਸਰਕਾਰ ਨੇ ਆਮ ਲੋਕਾਂ ਨਾਲ ਬਹੁਤ ਵੱਡਾ ਧੋਖਾ ਕੀਤਾ : ਕੁਲਜੀਤ ਸਿੰਘ ਬੇਦੀ
ਮੁਹਾਲੀ ਨਗਰ ਨਿਗਮ ਦੇ ਡਿਪਟੀ ਮੇਅਰ ਕੁਲਜੀਤ ਸਿੰਘ ਬੇਦੀ ਨੇ ਕਿਹਾ ਕਿ ਪੰਜਾਬ ਸਰਕਾਰ ਨੇ ਪੈਟਰੋਲ ਅਤੇ ਡੀਜ਼ਲ ਦੀਆਂ ਕੀਮਤਾਂ ਵਿੱਚ ਵਾਧਾ ਕਰਕੇ ਆਮ ਲੋਕਾਂ ਨਾਲ ਵੱਡਾ ਧੋਖਾ ਕੀਤਾ ਹੈ।
ਆਮ ਆਦਮੀ ਪਾਰਟੀ ਦੀ ਅਸਲੀਅਤ ਸਾਮ੍ਹਣੇ ਆਈ : ਸੰਜੀਵ ਵਸ਼ਿਸ਼ਟ
ਭਾਰਤੀ ਜਨਤਾ ਪਾਰਟੀ ਦੇ ਜ਼ਿਲ੍ਹਾ ਪ੍ਰਧਾਨ ਸ੍ਰੀ ਸੰਜੀਵ ਵਸ਼ਿਸ਼ਟ ਨੇ ਕਿਹਾ ਕਿ ਆਮ ਆਦਮੀ ਪਾਰਟੀ ਦੀ ਸਰਕਾਰ ਨੇ ਪੈਟਰੋਲ ਡੀਜ਼ਲ ਦੀਆਂ ਕੀਮਤਾਂ ਵਧਾ ਕੇ ਆਪਣੀ ਅਸਲੀਅਤ ਲੋਕਾਂ ਸਾਮ੍ਹਣੇ ਲਿਆਂਦੀ ਹੈ।
ਲੋਕਾਂ ਦੀਆਂ ਜੇਬ੍ਹਾਂ ਤੇ ਡਾਕਾ ਮਾਰ ਰਹੀ ਹੈ ਸਰਕਾਰ : ਪਰਵਿੰਦਰ ਸਿੰਘ ਸੋਹਾਣਾ
ਸ਼੍ਰੋਮਣੀ ਅਕਾਲੀ ਦਲ ਦੇ ਜ਼ਿਲ੍ਹਾ ਪ੍ਰਧਾਨ ਅਤੇ ਸਾਬਕਾ ਕੌਂਸਲਰ ਪਰਵਿੰਦਰ ਸਿੰਘ ਸੋਹਾਣਾ ਨੇ ਕਿਹਾ ਕਿ ਸਰਕਾਰ ਲੋਕਾਂ ਦੀਆਂ ਜੇਬ੍ਹਾਂ ਤੇ ਡਾਕਾ ਮਾਰ ਰਹੀ ਹੈ ਅਤੇ ਲੋਕ ਇਸ ਦਾ ਜਵਾਬ ਜ਼ਰੂਰ ਦੇਣਗੇ।
ਸਰਕਾਰ ਦੀ ਧੱਕੇਸ਼ਾਹੀ ਦਾ ਕਰਾਰਾ ਜਵਾਬ ਦੇਣਗੇ ਲੋਕ : ਪਰਮਜੀਤ ਸਿੰਘ ਕਾਹਲੋਂ
ਸ਼੍ਰੋਮਣੀ ਅਕਾਲੀ ਦਲ ਦੇ ਸੀਨੀਅਰ ਆਗੂ ਪਰਮਜੀਤ ਸਿੰਘ ਕਾਹਲੋਂ ਨੇ ਕਿਹਾ ਕਿ ਪੰਜਾਬ ਦੇ ਲੋਕ ਸਰਕਾਰ ਦੇ ਇਸ ਫ਼ੈਸਲੇ ਦਾ ਕਰਾਰਾ ਜਵਾਬ ਦੇਣਗੇ ਅਤੇ ਆਉਣ ਵਾਲੀਆਂ ਚੋਣਾਂ ਵਿੱਚ ਇਸ ਦਾ ਖ਼ਮਿਆਜ਼ਾ ਸਰਕਾਰ ਨੂੰ ਭੁਗਤਣਾ ਪਵੇਗਾ।
ਬ੍ਰਹਮ ਗਿਆਨੀ ਸੰਤ ਬਾਬਾ ਅਜੀਤ ਸਿੰਘ ਜੀ ਹੰਸਾਲੀ ਵਾਲਿਆਂ ਦਾ ਜਨਮ ਦਿਹਾੜਾ ਸ਼ਰਧਾ ਭਾਵਨਾ ਨਾਲ ਉਤਸ਼ਾਹ ਪੂਰਵਕ ਮਨਾਇਆ
ਐਸ ਏ ਐਸ ਨਗਰ, 5 ਸਤੰਬਰ
(ਪੈਗ਼ਾਮ-ਏ-ਜਗਤ)
ਨੇੜਲੇ ਪਿੰਡ ਸਨੇਟਾ ਦੇ ਇਤਿਹਾਸਕ ਗੁਰਦੁਆਰਾ ਸਿੰਘ ਸ਼ਹੀਦਾਂ ਵਿਖੇ ਬ੍ਰਹਮ ਗਿਆਨੀ ਸੰਤ ਬਾਬਾ ਅਜੀਤ ਸਿੰਘ ਜੀ ਹੰਸਾਲੀ ਵਾਲਿਆਂ ਦਾ ਜਨਮ ਦਿਹਾੜਾ ਸ਼ਰਧਾ ਭਾਵਨਾ ਨਾਲ ਉਤਸ਼ਾਹ ਪੂਰਵਕ ਮਨਾਇਆ ਗਿਆ। ਇਸ ਮੌਕੇ ਸ੍ਰੀ ਸਹਿਜ ਪਾਠ ਸਾਹਿਬ ਜੀ ਦੇ ਭੋਗ ਉਪਰੰਤ ਦੀਵਾਨ ਸਜਾਏ ਗਏ ਜਿਸ ਵਿੱਚ ਭਾਈ ਵਿਸਾਖਾ ਸਿੰਘ ਜਲੰਧਰ ਵਾਲੇ, ਭਾਈ ਮਨਦੀਪ ਸਿੰਘ ਪਿਹੋਵਾ ਵਾਲੇ ਅਤੇ ਹੋਰ ਰਾਗੀ ਜਥਿਆਂ ਨੇ ਗੁਰਬਾਣੀ ਦਾ ਰਸ ਭਿੰਨਾ ਕੀਰਤਨ ਕਰਕੇ ਸੰਗਤਾਂ ਨੂੰ ਨਿਹਾਲ ਕੀਤਾ। ਇਸ ਮੌਕੇ ਗੁਰਦੁਆਰਾ ਸਾਹਿਬ ਦੀ ਪ੍ਰਬੰਧਕ ਕਮੇਟੀ ਵੱਲੋਂ ਪਹੁੰਚੀਆਂ ਸ਼ਖ਼ਸੀਅਤਾਂ ਦਾ ਸਨਮਾਨ ਕੀਤਾ ਗਿਆ ਅਤੇ ਗੁਰੂ ਕਾ ਲੰਗਰ ਅਤੁੱਟ ਵਰਤਾਇਆ ਗਿਆ। ਗੁਰਦੁਆਰਾ ਸਾਹਿਬ ਦੀ ਪ੍ਰਬੰਧਕ ਕਮੇਟੀ ਦੇ ਮੈਂਬਰਾਂ ਨੇ ਦੱਸਿਆ ਕਿ ਇਸ ਸੰਬੰਧੀ ਮੁੱਖ ਸਮਾਗਮ 13 ਸਤੰਬਰ ਨੂੰ ਗੁਰਦੁਆਰਾ ਹੰਸਾਲੀ ਸਾਹਿਬ ਵਿਖੇ ਮਨਾਇਆ ਜਾਵੇਗਾ।
